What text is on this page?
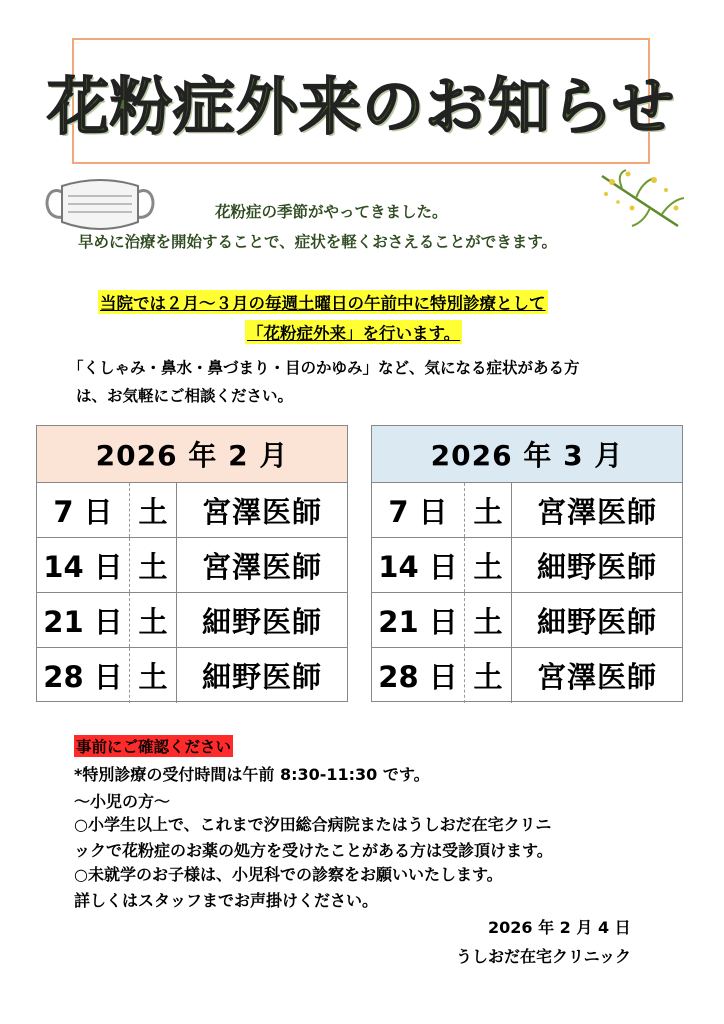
花粉症外来のお知らせ
花粉症の季節がやってきました。
早めに治療を開始することで、症状を軽くおさえることができます。
当院では２月～３月の毎週土曜日の午前中に特別診療として
「花粉症外来」を行います。
「くしゃみ・鼻水・鼻づまり・目のかゆみ」など、気になる症状がある方
は、お気軽にご相談ください。
2026 年 2 月
7 日 土	宮澤医師
14 日 土	宮澤医師
21 日 土	細野医師
28 日 土	細野医師
2026 年 3 月
7 日 土	宮澤医師
14 日 土	細野医師
21 日 土	細野医師
28 日 土	宮澤医師
事前にご確認ください
*特別診療の受付時間は午前 8:30-11:30 です。
～小児の方～
○小学生以上で、これまで汐田総合病院またはうしおだ在宅クリニ
ックで花粉症のお薬の処方を受けたことがある方は受診頂けます。
○未就学のお子様は、小児科での診察をお願いいたします。
詳しくはスタッフまでお声掛けください。
2026 年 2 月 4 日
うしおだ在宅クリニック
